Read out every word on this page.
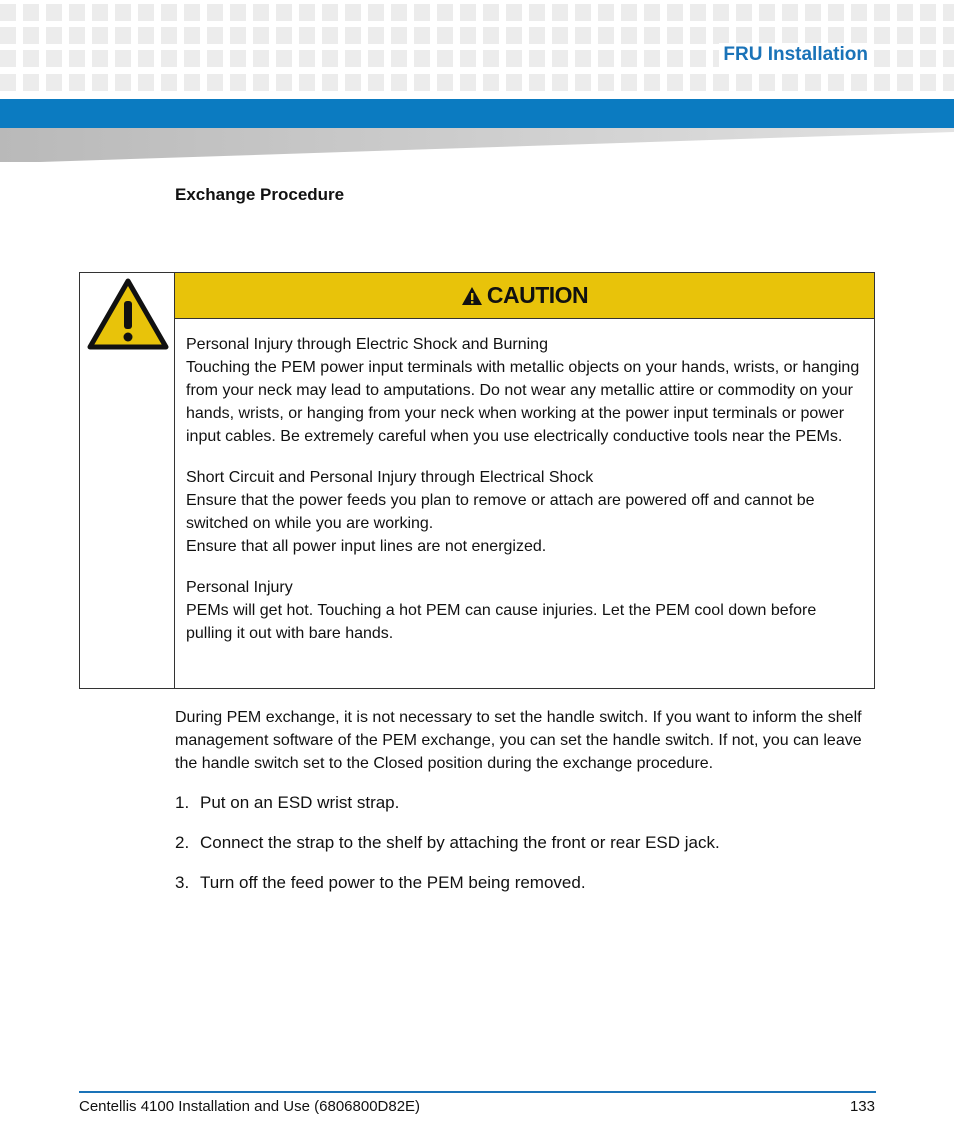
FRU Installation
Exchange Procedure
CAUTION
Personal Injury through Electric Shock and Burning
Touching the PEM power input terminals with metallic objects on your hands, wrists, or hanging from your neck may lead to amputations. Do not wear any metallic attire or commodity on your hands, wrists, or hanging from your neck when working at the power input terminals or power input cables. Be extremely careful when you use electrically conductive tools near the PEMs.
Short Circuit and Personal Injury through Electrical Shock
Ensure that the power feeds you plan to remove or attach are powered off and cannot be switched on while you are working.
Ensure that all power input lines are not energized.
Personal Injury
PEMs will get hot. Touching a hot PEM can cause injuries. Let the PEM cool down before pulling it out with bare hands.
During PEM exchange, it is not necessary to set the handle switch. If you want to inform the shelf management software of the PEM exchange, you can set the handle switch. If not, you can leave the handle switch set to the Closed position during the exchange procedure.
1. Put on an ESD wrist strap.
2. Connect the strap to the shelf by attaching the front or rear ESD jack.
3. Turn off the feed power to the PEM being removed.
Centellis 4100 Installation and Use (6806800D82E)	133
